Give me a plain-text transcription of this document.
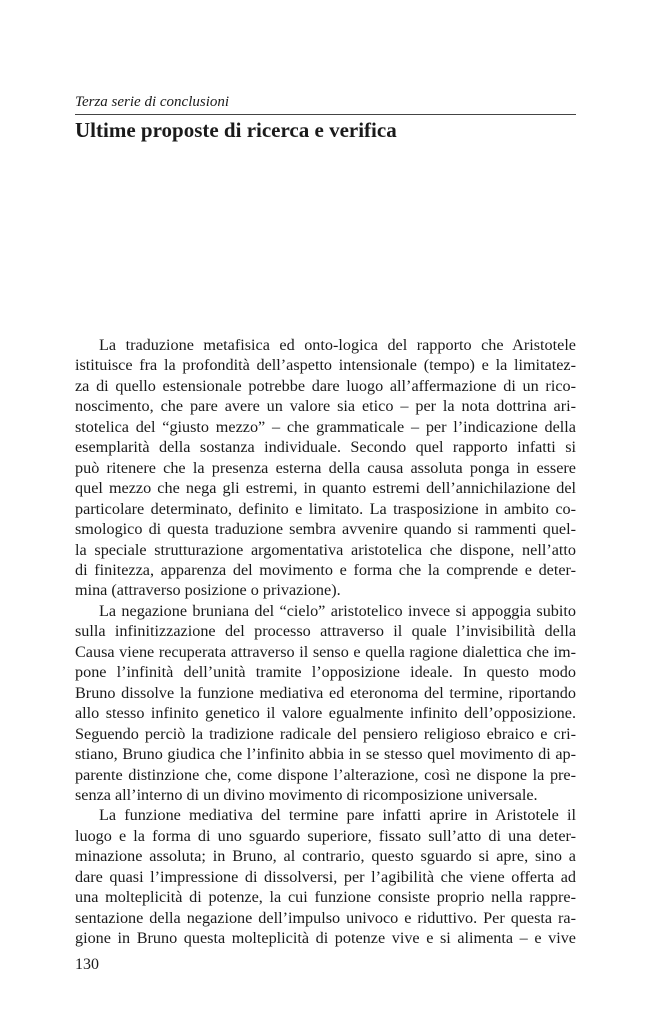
Terza serie di conclusioni
Ultime proposte di ricerca e verifica
La traduzione metafisica ed onto-logica del rapporto che Aristotele
istituisce fra la profondità dell’aspetto intensionale (tempo) e la limitatez-
za di quello estensionale potrebbe dare luogo all’affermazione di un rico-
noscimento, che pare avere un valore sia etico – per la nota dottrina ari-
stotelica del “giusto mezzo” – che grammaticale – per l’indicazione della
esemplarità della sostanza individuale. Secondo quel rapporto infatti si
può ritenere che la presenza esterna della causa assoluta ponga in essere
quel mezzo che nega gli estremi, in quanto estremi dell’annichilazione del
particolare determinato, definito e limitato. La trasposizione in ambito co-
smologico di questa traduzione sembra avvenire quando si rammenti quel-
la speciale strutturazione argomentativa aristotelica che dispone, nell’atto
di finitezza, apparenza del movimento e forma che la comprende e deter-
mina (attraverso posizione o privazione).
La negazione bruniana del “cielo” aristotelico invece si appoggia subito
sulla infinitizzazione del processo attraverso il quale l’invisibilità della
Causa viene recuperata attraverso il senso e quella ragione dialettica che im-
pone l’infinità dell’unità tramite l’opposizione ideale. In questo modo
Bruno dissolve la funzione mediativa ed eteronoma del termine, riportando
allo stesso infinito genetico il valore egualmente infinito dell’opposizione.
Seguendo perciò la tradizione radicale del pensiero religioso ebraico e cri-
stiano, Bruno giudica che l’infinito abbia in se stesso quel movimento di ap-
parente distinzione che, come dispone l’alterazione, così ne dispone la pre-
senza all’interno di un divino movimento di ricomposizione universale.
La funzione mediativa del termine pare infatti aprire in Aristotele il
luogo e la forma di uno sguardo superiore, fissato sull’atto di una deter-
minazione assoluta; in Bruno, al contrario, questo sguardo si apre, sino a
dare quasi l’impressione di dissolversi, per l’agibilità che viene offerta ad
una molteplicità di potenze, la cui funzione consiste proprio nella rappre-
sentazione della negazione dell’impulso univoco e riduttivo. Per questa ra-
gione in Bruno questa molteplicità di potenze vive e si alimenta – e vive
130
